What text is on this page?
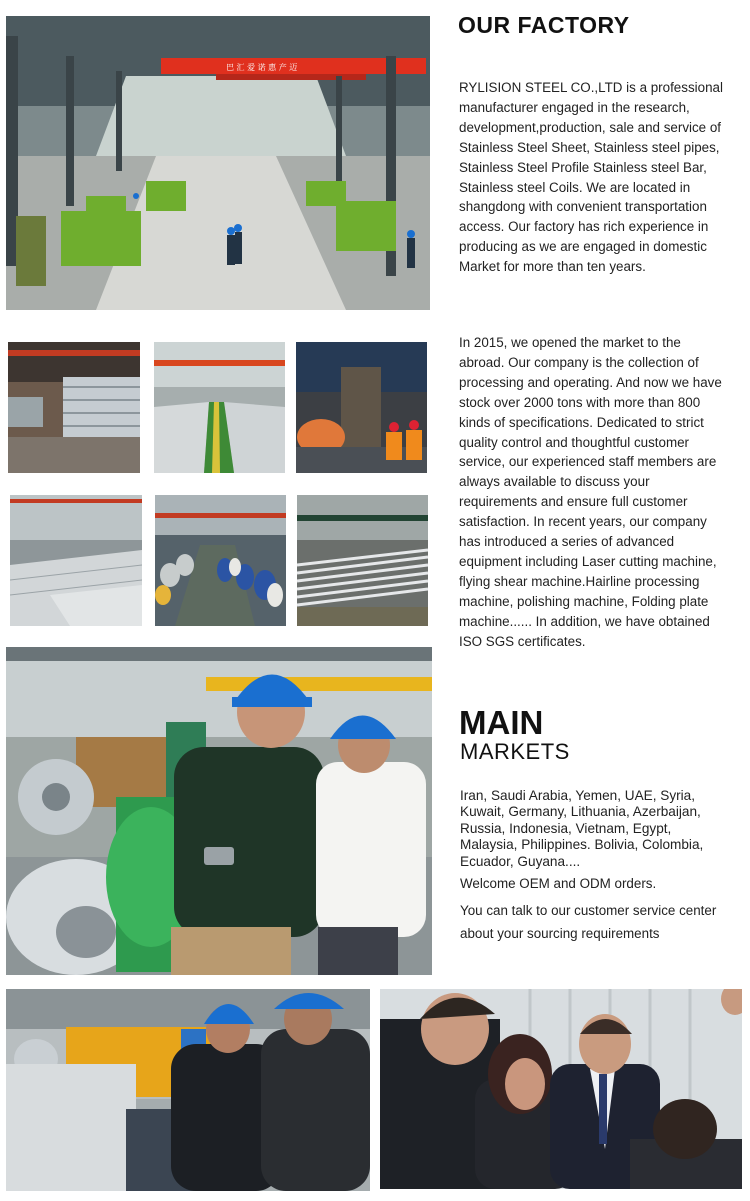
巴 汇 爱 诺 惠 产 迈
OUR FACTORY
RYLISION STEEL CO.,LTD is a professional
manufacturer engaged in the research,
development,production, sale and service of
Stainless Steel Sheet, Stainless steel pipes,
Stainless Steel Profile Stainless steel Bar,
Stainless steel Coils. We are located in
shangdong with convenient transportation
access. Our factory has rich experience in
producing as we are engaged in domestic
Market for more than ten years.
In 2015, we opened the market to the
abroad. Our company is the collection of
processing and operating. And now we have
stock over 2000 tons with more than 800
kinds of specifications. Dedicated to strict
quality control and thoughtful customer
service, our experienced staff members are
always available to discuss your
requirements and ensure full customer
satisfaction. In recent years, our company
has introduced a series of advanced
equipment including Laser cutting machine,
flying shear machine.Hairline processing
machine, polishing machine, Folding plate
machine...... In addition, we have obtained
ISO SGS certificates.
MAIN
MARKETS
Iran, Saudi Arabia, Yemen, UAE, Syria,
Kuwait, Germany, Lithuania, Azerbaijan,
Russia, Indonesia, Vietnam, Egypt,
Malaysia, Philippines. Bolivia, Colombia,
Ecuador, Guyana....
Welcome OEM and ODM orders.
You can talk to our customer service center
about your sourcing requirements
